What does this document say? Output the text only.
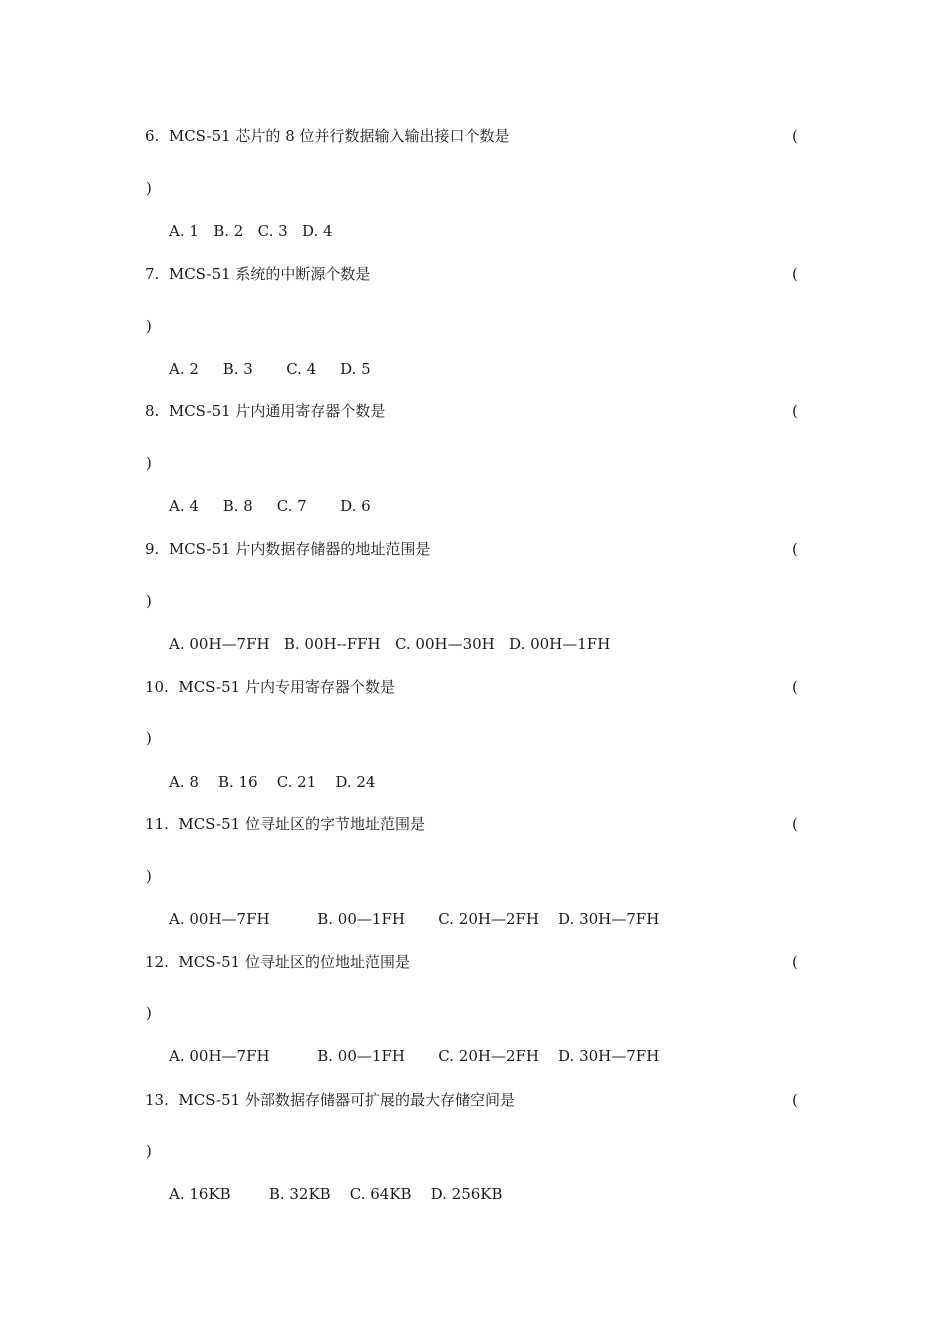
6.  MCS-51 芯片的 8 位并行数据输入输出接口个数是	(
)
A. 1   B. 2   C. 3   D. 4
7.  MCS-51 系统的中断源个数是	(
)
A. 2     B. 3       C. 4     D. 5
8.  MCS-51 片内通用寄存器个数是	(
)
A. 4     B. 8     C. 7       D. 6
9.  MCS-51 片内数据存储器的地址范围是	(
)
A. 00H—7FH   B. 00H--FFH   C. 00H—30H   D. 00H—1FH
10.  MCS-51 片内专用寄存器个数是	(
)
A. 8    B. 16    C. 21    D. 24
11.  MCS-51 位寻址区的字节地址范围是	(
)
A. 00H—7FH          B. 00—1FH       C. 20H—2FH    D. 30H—7FH
12.  MCS-51 位寻址区的位地址范围是	(
)
A. 00H—7FH          B. 00—1FH       C. 20H—2FH    D. 30H—7FH
13.  MCS-51 外部数据存储器可扩展的最大存储空间是	(
)
A. 16KB        B. 32KB    C. 64KB    D. 256KB
